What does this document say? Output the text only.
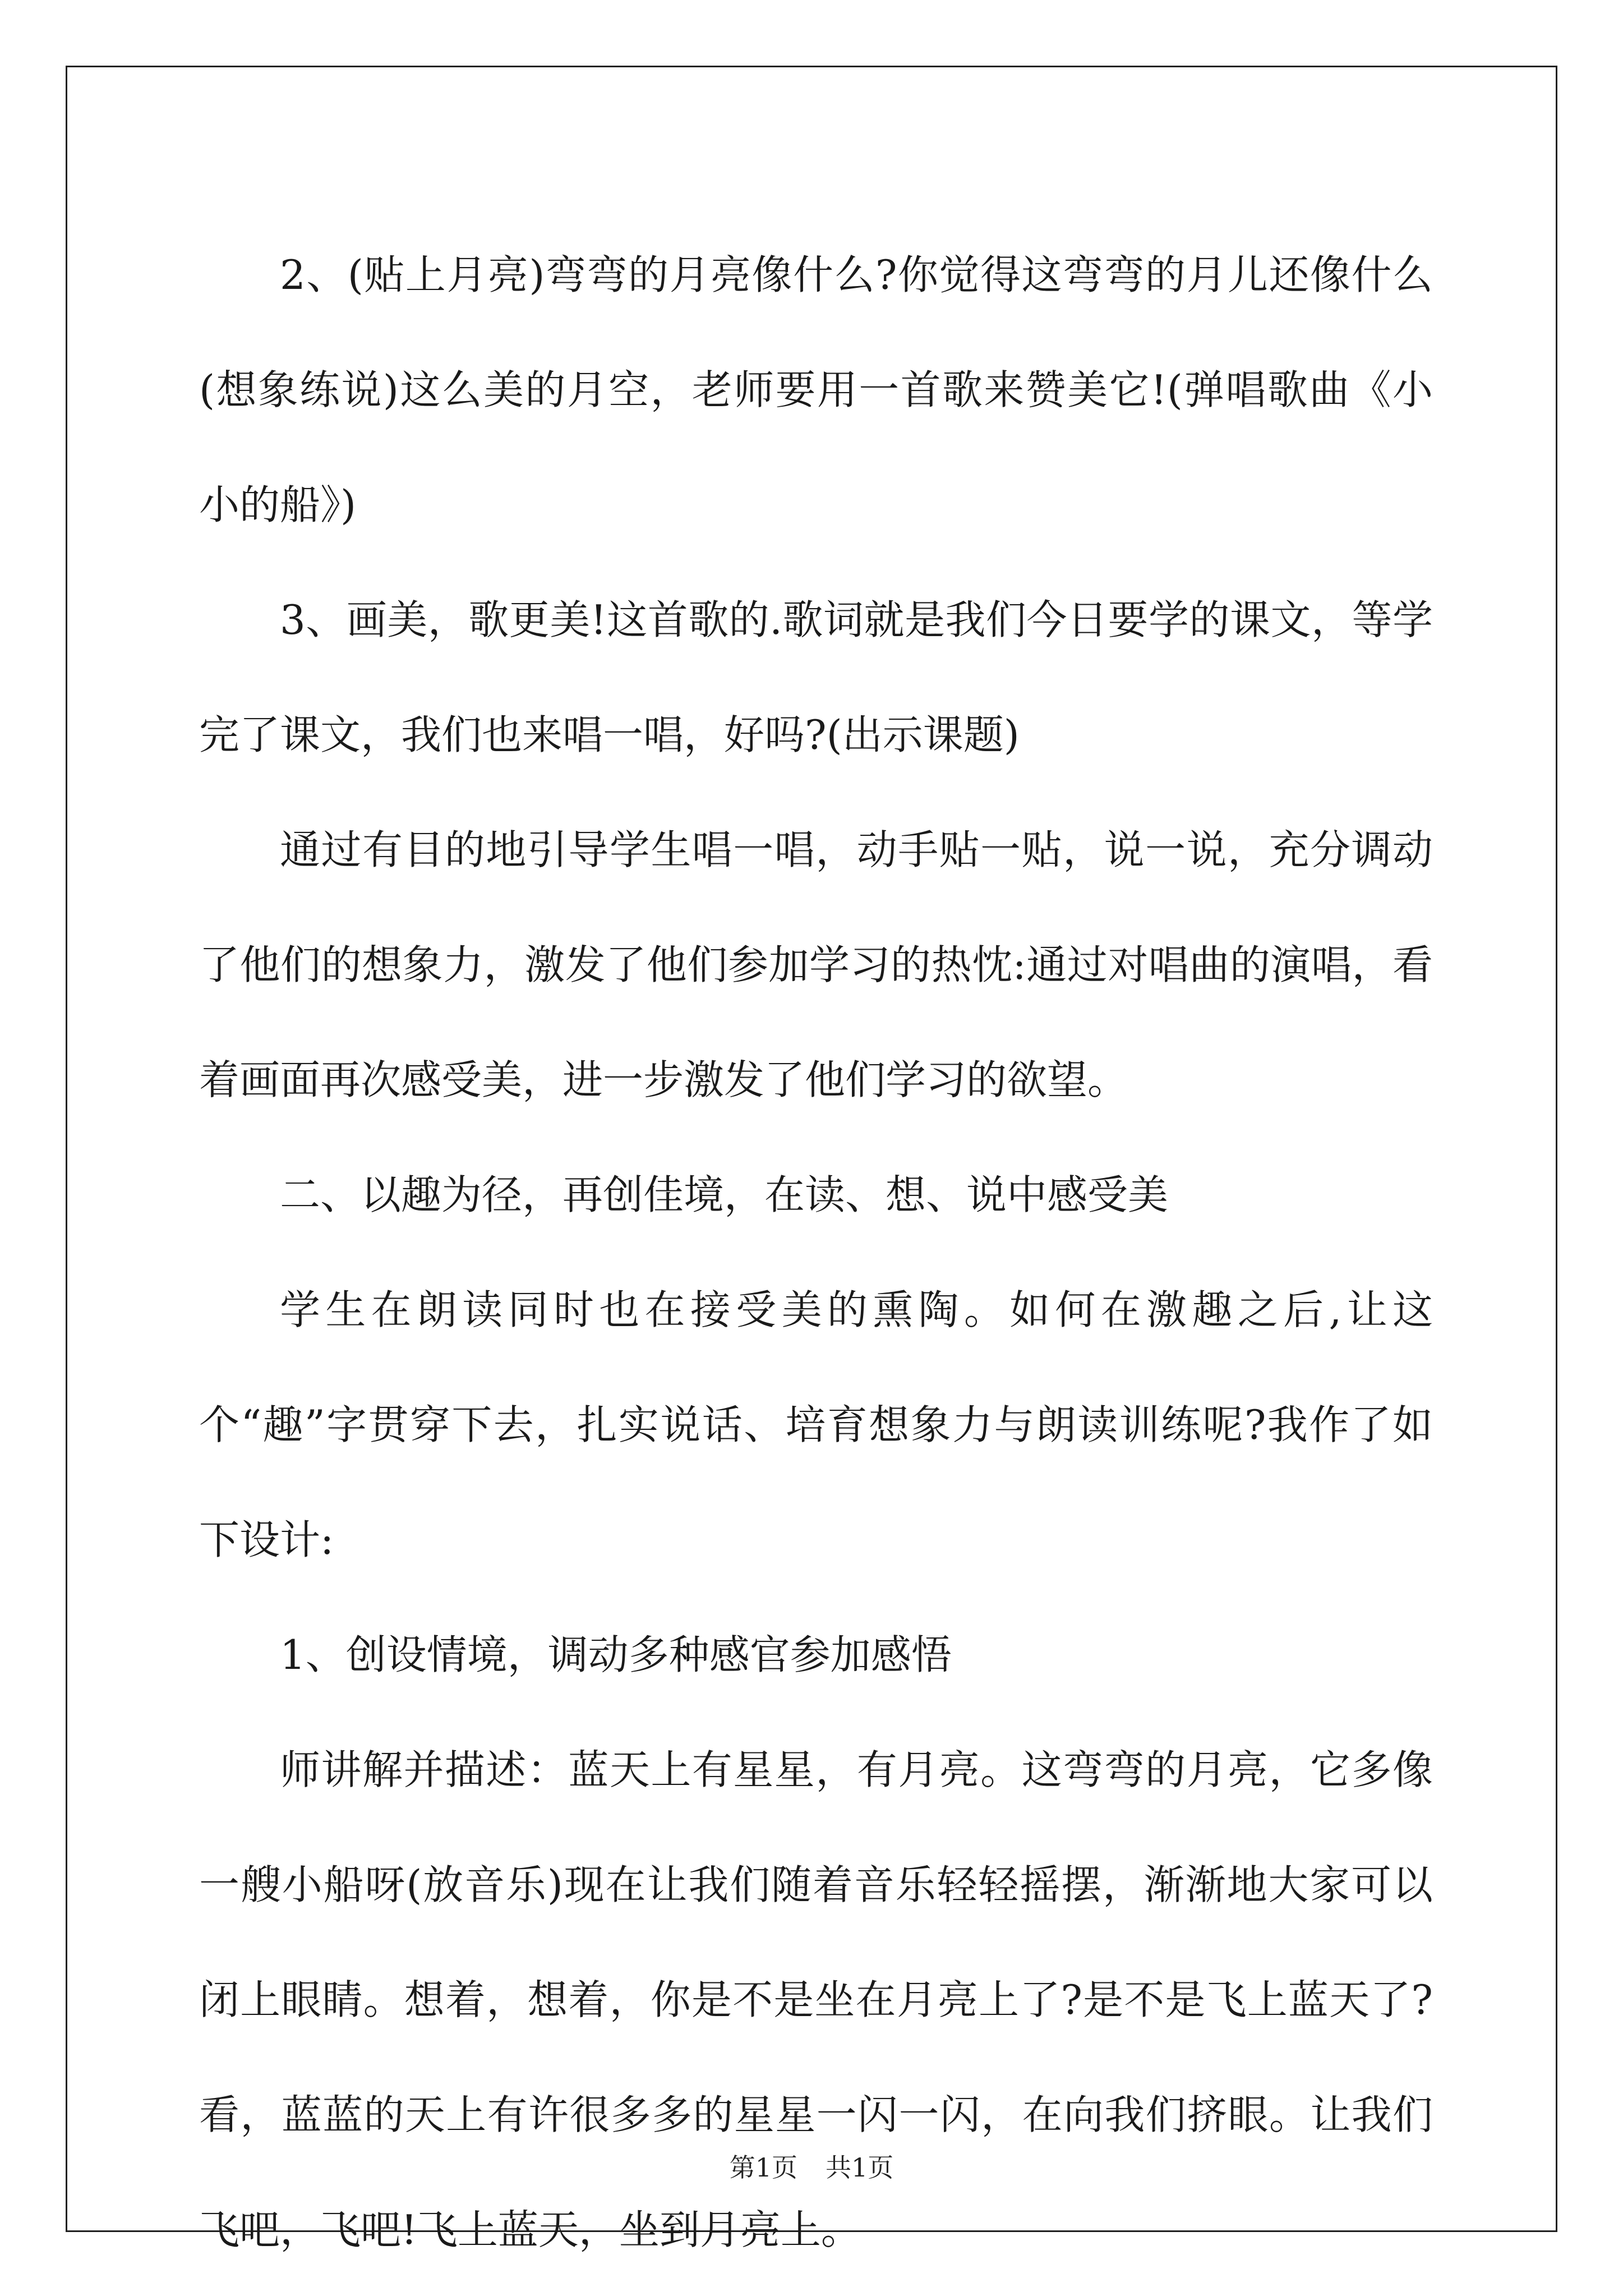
2、(贴上月亮)弯弯的月亮像什么?你觉得这弯弯的月儿还像什么(想象练说)这么美的月空，老师要用一首歌来赞美它!(弹唱歌曲《小小的船》)

3、画美，歌更美!这首歌的.歌词就是我们今日要学的课文，等学完了课文，我们也来唱一唱，好吗?(出示课题)

通过有目的地引导学生唱一唱，动手贴一贴，说一说，充分调动了他们的想象力，激发了他们参加学习的热忱:通过对唱曲的演唱，看着画面再次感受美，进一步激发了他们学习的欲望。

二、以趣为径，再创佳境，在读、想、说中感受美

学生在朗读同时也在接受美的熏陶。如何在激趣之后,让这个“趣”字贯穿下去，扎实说话、培育想象力与朗读训练呢?我作了如下设计:

1、创设情境，调动多种感官参加感悟

师讲解并描述：蓝天上有星星，有月亮。这弯弯的月亮，它多像一艘小船呀(放音乐)现在让我们随着音乐轻轻摇摆，渐渐地大家可以闭上眼睛。想着，想着，你是不是坐在月亮上了?是不是飞上蓝天了?看，蓝蓝的天上有许很多多的星星一闪一闪，在向我们挤眼。让我们飞吧，飞吧!飞上蓝天，坐到月亮上。

第1页 共1页
